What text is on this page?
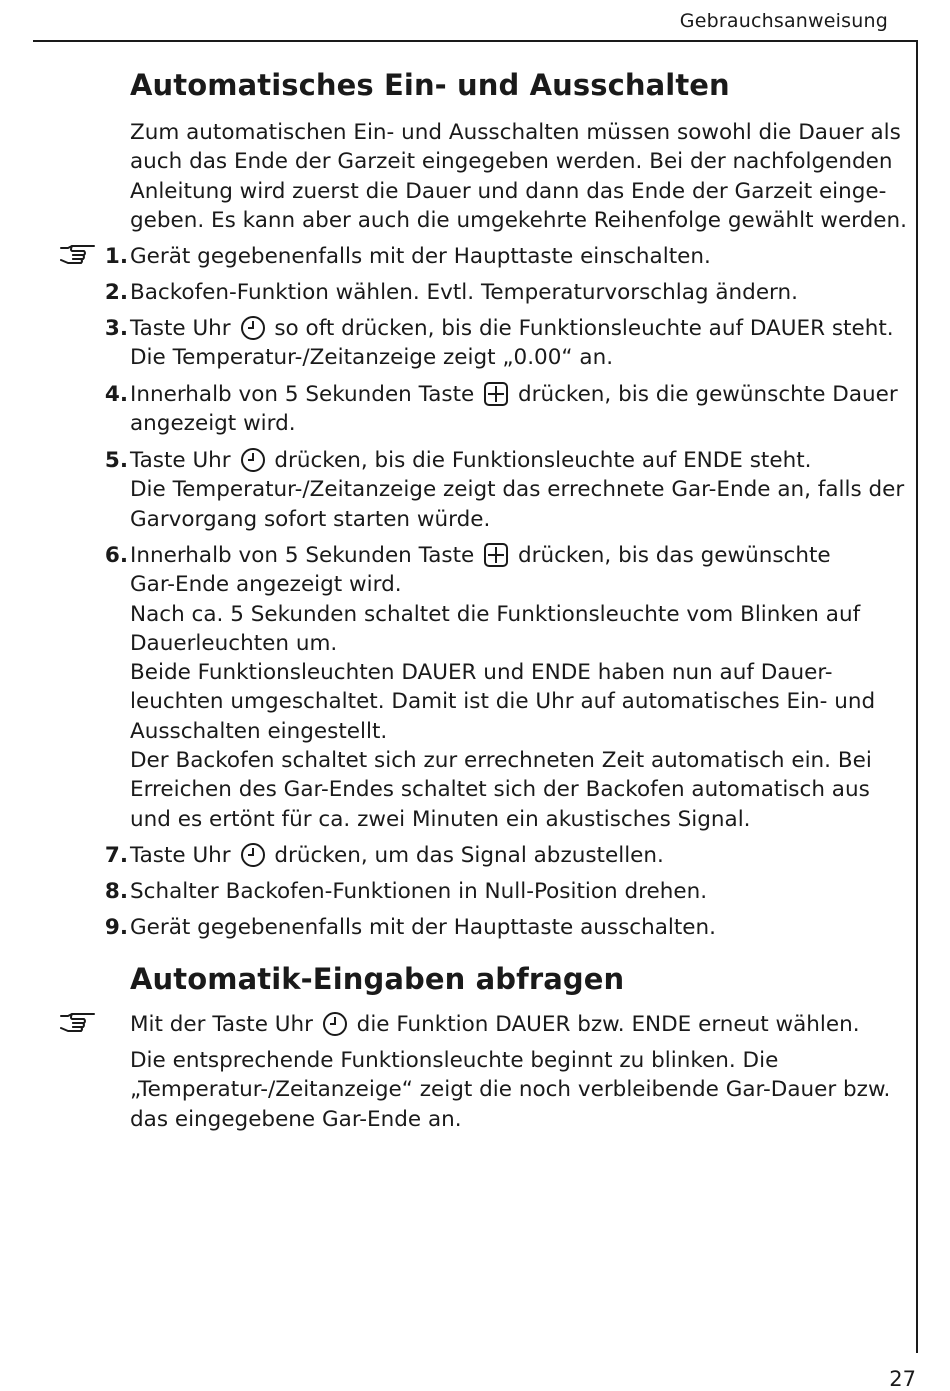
Gebrauchsanweisung
Automatisches Ein- und Ausschalten
Zum automatischen Ein- und Ausschalten müssen sowohl die Dauer als
auch das Ende der Garzeit eingegeben werden. Bei der nachfolgenden
Anleitung wird zuerst die Dauer und dann das Ende der Garzeit einge-
geben. Es kann aber auch die umgekehrte Reihenfolge gewählt werden.
1. Gerät gegebenenfalls mit der Haupttaste einschalten.
2. Backofen-Funktion wählen. Evtl. Temperaturvorschlag ändern.
3. Taste Uhr so oft drücken, bis die Funktionsleuchte auf DAUER steht.
Die Temperatur-/Zeitanzeige zeigt „0.00“ an.
4. Innerhalb von 5 Sekunden Taste drücken, bis die gewünschte Dauer
angezeigt wird.
5. Taste Uhr drücken, bis die Funktionsleuchte auf ENDE steht.
Die Temperatur-/Zeitanzeige zeigt das errechnete Gar-Ende an, falls der
Garvorgang sofort starten würde.
6. Innerhalb von 5 Sekunden Taste drücken, bis das gewünschte
Gar-Ende angezeigt wird.
Nach ca. 5 Sekunden schaltet die Funktionsleuchte vom Blinken auf
Dauerleuchten um.
Beide Funktionsleuchten DAUER und ENDE haben nun auf Dauer-
leuchten umgeschaltet. Damit ist die Uhr auf automatisches Ein- und
Ausschalten eingestellt.
Der Backofen schaltet sich zur errechneten Zeit automatisch ein. Bei
Erreichen des Gar-Endes schaltet sich der Backofen automatisch aus
und es ertönt für ca. zwei Minuten ein akustisches Signal.
7. Taste Uhr drücken, um das Signal abzustellen.
8. Schalter Backofen-Funktionen in Null-Position drehen.
9. Gerät gegebenenfalls mit der Haupttaste ausschalten.
Automatik-Eingaben abfragen
Mit der Taste Uhr die Funktion DAUER bzw. ENDE erneut wählen.
Die entsprechende Funktionsleuchte beginnt zu blinken. Die
„Temperatur-/Zeitanzeige“ zeigt die noch verbleibende Gar-Dauer bzw.
das eingegebene Gar-Ende an.
27
